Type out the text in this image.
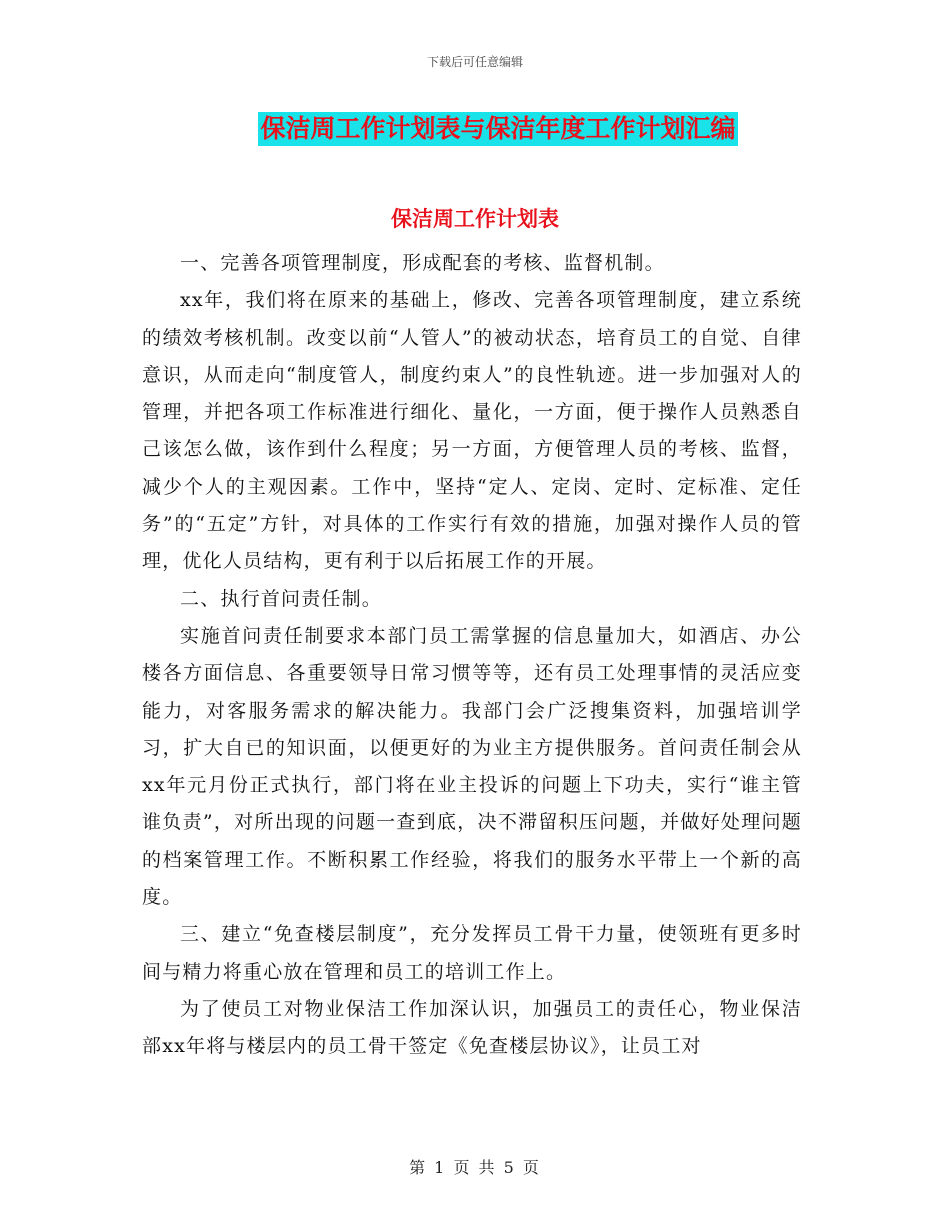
下载后可任意编辑
保洁周工作计划表与保洁年度工作计划汇编
保洁周工作计划表

一、完善各项管理制度，形成配套的考核、监督机制。

xx年，我们将在原来的基础上，修改、完善各项管理制度，建立系统的绩效考核机制。改变以前“人管人”的被动状态，培育员工的自觉、自律意识，从而走向“制度管人，制度约束人”的良性轨迹。进一步加强对人的管理，并把各项工作标准进行细化、量化，一方面，便于操作人员熟悉自己该怎么做，该作到什么程度；另一方面，方便管理人员的考核、监督，减少个人的主观因素。工作中，坚持“定人、定岗、定时、定标准、定任务”的“五定”方针，对具体的工作实行有效的措施，加强对操作人员的管理，优化人员结构，更有利于以后拓展工作的开展。

二、执行首问责任制。

实施首问责任制要求本部门员工需掌握的信息量加大，如酒店、办公楼各方面信息、各重要领导日常习惯等等，还有员工处理事情的灵活应变能力，对客服务需求的解决能力。我部门会广泛搜集资料，加强培训学习，扩大自已的知识面，以便更好的为业主方提供服务。首问责任制会从xx年元月份正式执行，部门将在业主投诉的问题上下功夫，实行“谁主管谁负责”，对所出现的问题一查到底，决不滞留积压问题，并做好处理问题的档案管理工作。不断积累工作经验，将我们的服务水平带上一个新的高度。

三、建立“免查楼层制度”，充分发挥员工骨干力量，使领班有更多时间与精力将重心放在管理和员工的培训工作上。

为了使员工对物业保洁工作加深认识，加强员工的责任心，物业保洁部xx年将与楼层内的员工骨干签定《免查楼层协议》，让员工对

第 1 页 共 5 页
